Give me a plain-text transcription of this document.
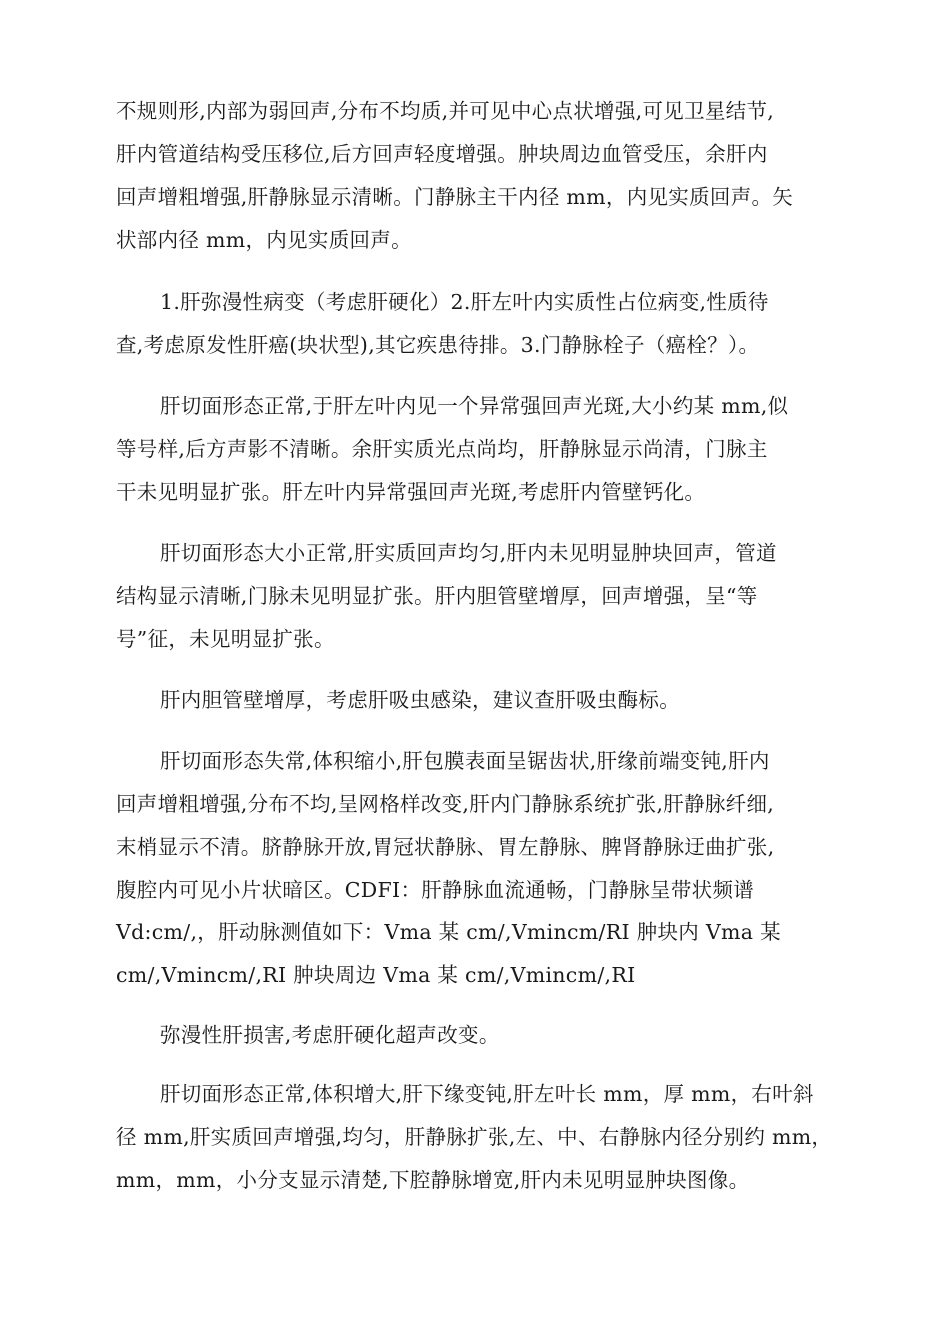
不规则形,内部为弱回声,分布不均质,并可见中心点状增强,可见卫星结节,
肝内管道结构受压移位,后方回声轻度增强。肿块周边血管受压，余肝内
回声增粗增强,肝静脉显示清晰。门静脉主干内径 mm，内见实质回声。矢
状部内径 mm，内见实质回声。
1.肝弥漫性病变（考虑肝硬化）2.肝左叶内实质性占位病变,性质待
查,考虑原发性肝癌(块状型),其它疾患待排。3.门静脉栓子（癌栓？）。
肝切面形态正常,于肝左叶内见一个异常强回声光斑,大小约某 mm,似
等号样,后方声影不清晰。余肝实质光点尚均，肝静脉显示尚清，门脉主
干未见明显扩张。肝左叶内异常强回声光斑,考虑肝内管壁钙化。
肝切面形态大小正常,肝实质回声均匀,肝内未见明显肿块回声，管道
结构显示清晰,门脉未见明显扩张。肝内胆管壁增厚，回声增强，呈“等
号”征，未见明显扩张。
肝内胆管壁增厚，考虑肝吸虫感染，建议查肝吸虫酶标。
肝切面形态失常,体积缩小,肝包膜表面呈锯齿状,肝缘前端变钝,肝内
回声增粗增强,分布不均,呈网格样改变,肝内门静脉系统扩张,肝静脉纤细,
末梢显示不清。脐静脉开放,胃冠状静脉、胃左静脉、脾肾静脉迂曲扩张,
腹腔内可见小片状暗区。CDFI：肝静脉血流通畅，门静脉呈带状频谱
Vd:cm/,，肝动脉测值如下：Vma 某 cm/,Vmincm/RI 肿块内 Vma 某
cm/,Vmincm/,RI 肿块周边 Vma 某 cm/,Vmincm/,RI
弥漫性肝损害,考虑肝硬化超声改变。
肝切面形态正常,体积增大,肝下缘变钝,肝左叶长 mm，厚 mm，右叶斜
径 mm,肝实质回声增强,均匀，肝静脉扩张,左、中、右静脉内径分别约 mm，
mm，mm，小分支显示清楚,下腔静脉增宽,肝内未见明显肿块图像。
